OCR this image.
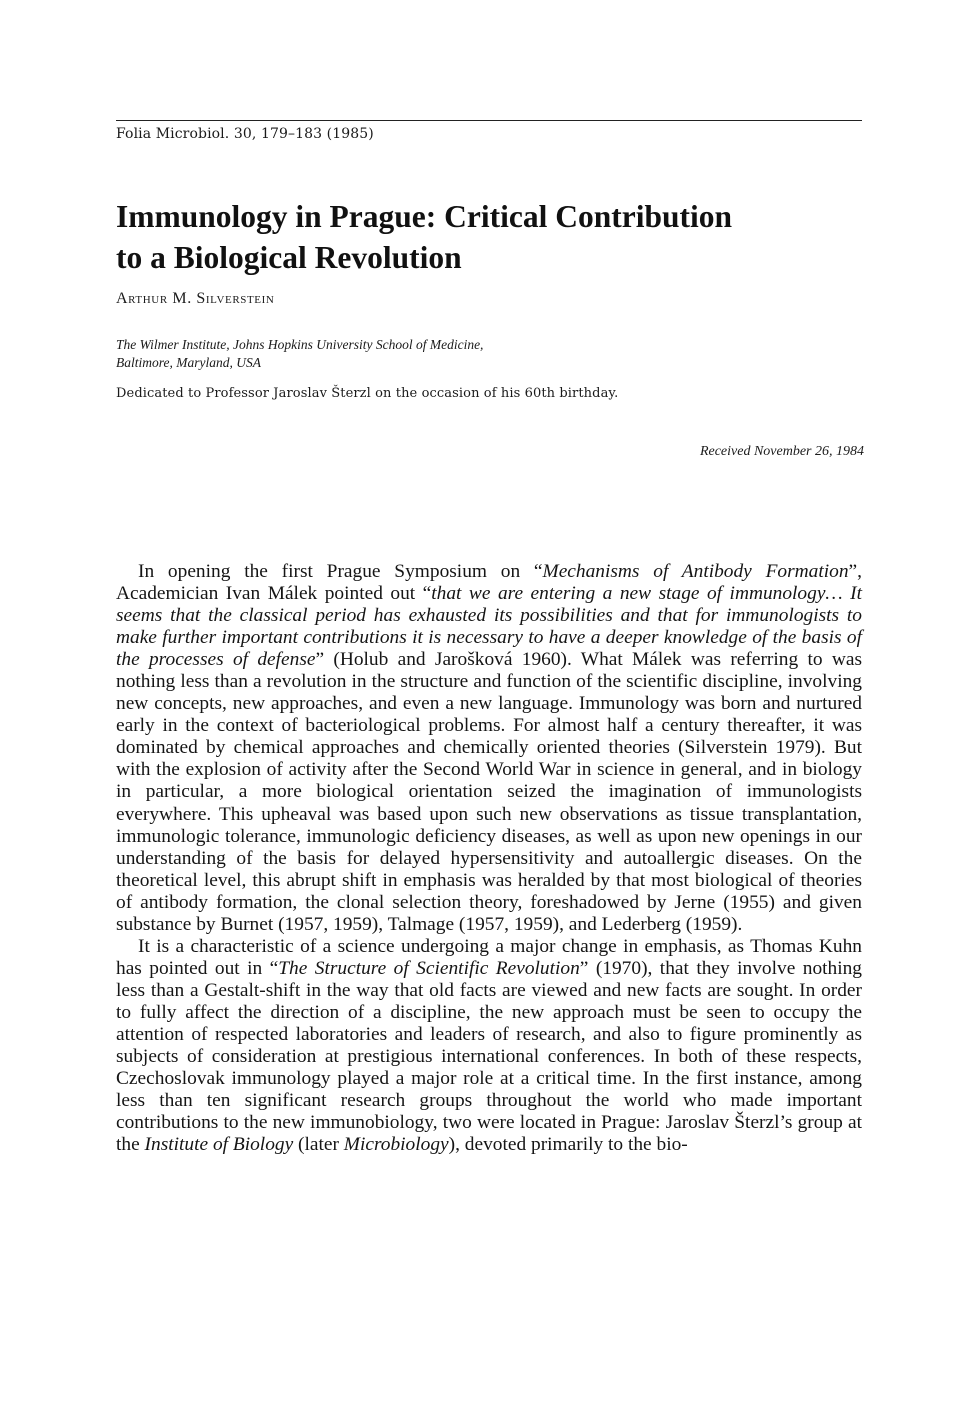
Folia Microbiol. 30, 179–183 (1985)
Immunology in Prague: Critical Contribution
to a Biological Revolution
Arthur M. Silverstein
The Wilmer Institute, Johns Hopkins University School of Medicine,
Baltimore, Maryland, USA
Dedicated to Professor Jaroslav Šterzl on the occasion of his 60th birthday.
Received November 26, 1984

In opening the first Prague Symposium on “Mechanisms of Antibody Formation”, Academician Ivan Málek pointed out “that we are entering a new stage of immunology… It seems that the classical period has exhausted its possibilities and that for immunologists to make further important contributions it is necessary to have a deeper knowledge of the basis of the processes of defense” (Holub and Jarošková 1960). What Málek was referring to was nothing less than a revolution in the structure and function of the scientific discipline, involving new concepts, new approaches, and even a new language. Immunology was born and nurtured early in the context of bacteriological problems. For almost half a century thereafter, it was dominated by chemical approaches and chemically oriented theories (Silverstein 1979). But with the explosion of activity after the Second World War in science in general, and in biology in particular, a more biological orientation seized the imagination of immunologists everywhere. This upheaval was based upon such new observations as tissue transplantation, immunologic tolerance, immunologic deficiency diseases, as well as upon new openings in our understanding of the basis for delayed hypersensitivity and autoallergic diseases. On the theoretical level, this abrupt shift in emphasis was heralded by that most biological of theories of antibody formation, the clonal selection theory, foreshadowed by Jerne (1955) and given substance by Burnet (1957, 1959), Talmage (1957, 1959), and Lederberg (1959).

It is a characteristic of a science undergoing a major change in emphasis, as Thomas Kuhn has pointed out in “The Structure of Scientific Revolution” (1970), that they involve nothing less than a Gestalt-shift in the way that old facts are viewed and new facts are sought. In order to fully affect the direction of a discipline, the new approach must be seen to occupy the attention of respected laboratories and leaders of research, and also to figure prominently as subjects of consideration at prestigious international conferences. In both of these respects, Czechoslovak immunology played a major role at a critical time. In the first instance, among less than ten significant research groups throughout the world who made important contributions to the new immunobiology, two were located in Prague: Jaroslav Šterzl’s group at the Institute of Biology (later Microbiology), devoted primarily to the bio-
